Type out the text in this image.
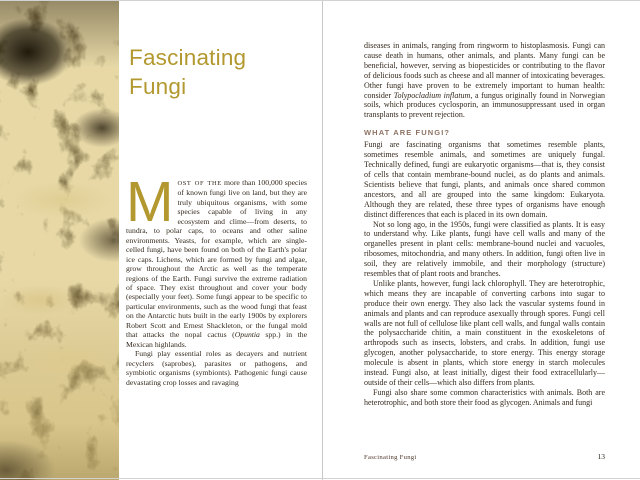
Fascinating
Fungi

MOST OF THE more than 100,000 species of known fungi live on land, but they are truly ubiquitous organisms, with some species capable of living in any ecosystem and clime—from deserts, to tundra, to polar caps, to oceans and other saline environments. Yeasts, for example, which are single-celled fungi, have been found on both of the Earth's polar ice caps. Lichens, which are formed by fungi and algae, grow throughout the Arctic as well as the temperate regions of the Earth. Fungi survive the extreme radiation of space. They exist throughout and cover your body (especially your feet). Some fungi appear to be specific to particular environments, such as the wood fungi that feast on the Antarctic huts built in the early 1900s by explorers Robert Scott and Ernest Shackleton, or the fungal mold that attacks the nopal cactus (Opuntia spp.) in the Mexican highlands.

Fungi play essential roles as decayers and nutrient recyclers (saprobes), parasites or pathogens, and symbiotic organisms (symbionts). Pathogenic fungi cause devastating crop losses and ravaging

diseases in animals, ranging from ringworm to histoplasmosis. Fungi can cause death in humans, other animals, and plants. Many fungi can be beneficial, however, serving as biopesticides or contributing to the flavor of delicious foods such as cheese and all manner of intoxicating beverages. Other fungi have proven to be extremely important to human health: consider Tolypocladium inflatum, a fungus originally found in Norwegian soils, which produces cyclosporin, an immunosuppressant used in organ transplants to prevent rejection.

WHAT ARE FUNGI?

Fungi are fascinating organisms that sometimes resemble plants, sometimes resemble animals, and sometimes are uniquely fungal. Technically defined, fungi are eukaryotic organisms—that is, they consist of cells that contain membrane-bound nuclei, as do plants and animals. Scientists believe that fungi, plants, and animals once shared common ancestors, and all are grouped into the same kingdom: Eukaryota. Although they are related, these three types of organisms have enough distinct differences that each is placed in its own domain.

Not so long ago, in the 1950s, fungi were classified as plants. It is easy to understand why. Like plants, fungi have cell walls and many of the organelles present in plant cells: membrane-bound nuclei and vacuoles, ribosomes, mitochondria, and many others. In addition, fungi often live in soil, they are relatively immobile, and their morphology (structure) resembles that of plant roots and branches.

Unlike plants, however, fungi lack chlorophyll. They are heterotrophic, which means they are incapable of converting carbons into sugar to produce their own energy. They also lack the vascular systems found in animals and plants and can reproduce asexually through spores. Fungi cell walls are not full of cellulose like plant cell walls, and fungal walls contain the polysaccharide chitin, a main constituent in the exoskeletons of arthropods such as insects, lobsters, and crabs. In addition, fungi use glycogen, another polysaccharide, to store energy. This energy storage molecule is absent in plants, which store energy in starch molecules instead. Fungi also, at least initially, digest their food extracellularly—outside of their cells—which also differs from plants.

Fungi also share some common characteristics with animals. Both are heterotrophic, and both store their food as glycogen. Animals and fungi

Fascinating Fungi	13
